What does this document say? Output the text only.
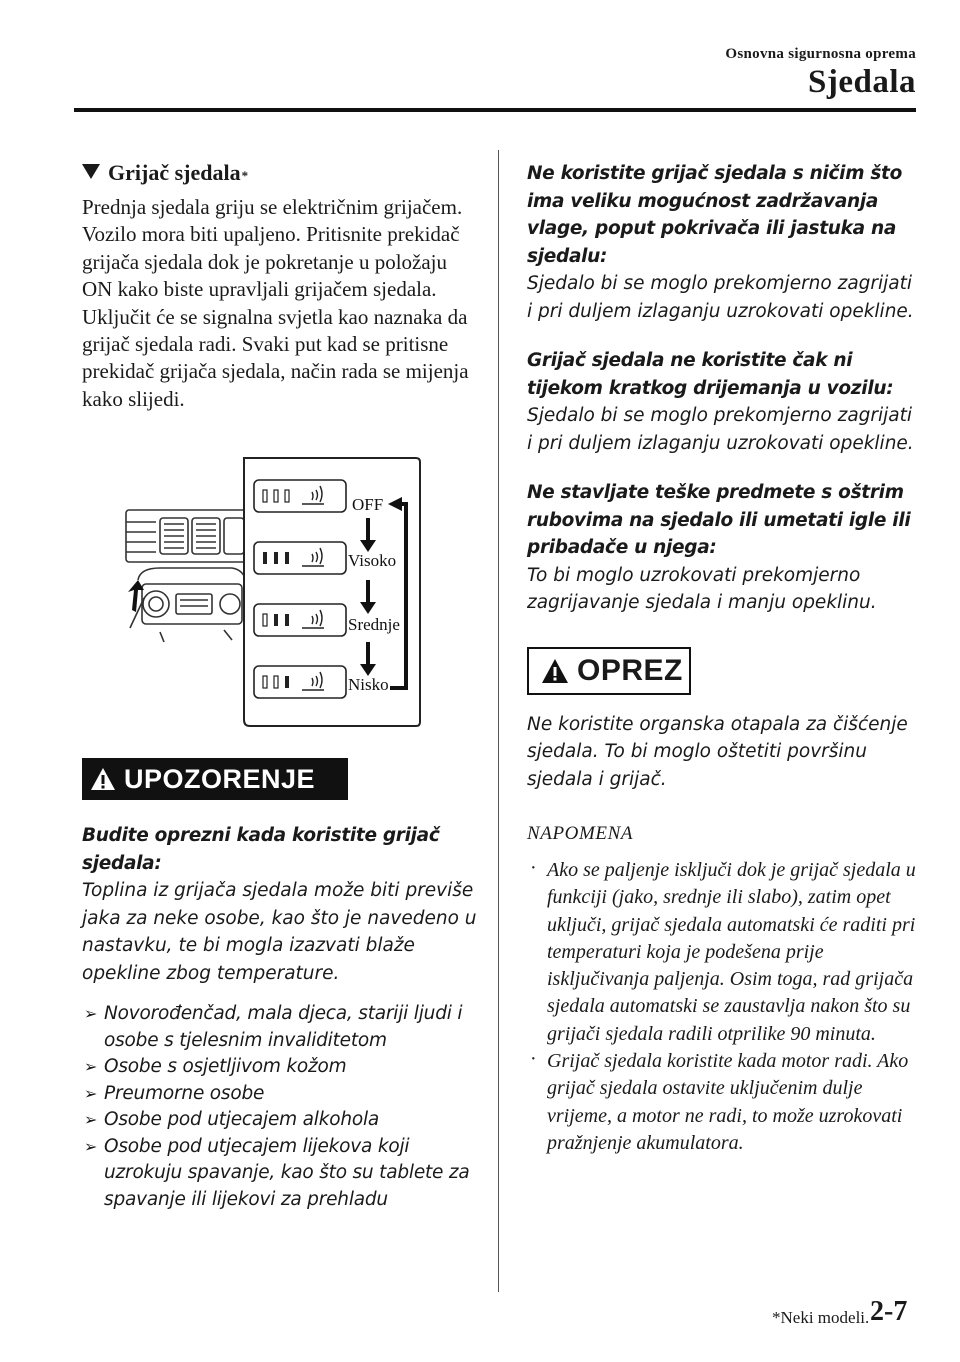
Osnovna sigurnosna oprema
Sjedala
Grijač sjedala *

Prednja sjedala griju se električnim grijačem. Vozilo mora biti upaljeno. Pritisnite prekidač grijača sjedala dok je pokretanje u položaju ON kako biste upravljali grijačem sjedala. Uključit će se signalna svjetla kao naznaka da grijač sjedala radi. Svaki put kad se pritisne prekidač grijača sjedala, način rada se mijenja kako slijedi.

OFF
Visoko
Srednje
Nisko
UPOZORENJE
Budite oprezni kada koristite grijač sjedala:
Toplina iz grijača sjedala može biti previše jaka za neke osobe, kao što je navedeno u nastavku, te bi mogla izazvati blaže opekline zbog temperature.
➢ Novorođenčad, mala djeca, stariji ljudi i osobe s tjelesnim invaliditetom
➢ Osobe s osjetljivom kožom
➢ Preumorne osobe
➢ Osobe pod utjecajem alkohola
➢ Osobe pod utjecajem lijekova koji uzrokuju spavanje, kao što su tablete za spavanje ili lijekovi za prehladu
Ne koristite grijač sjedala s ničim što ima veliku mogućnost zadržavanja vlage, poput pokrivača ili jastuka na sjedalu:
Sjedalo bi se moglo prekomjerno zagrijati i pri duljem izlaganju uzrokovati opekline.
Grijač sjedala ne koristite čak ni tijekom kratkog drijemanja u vozilu:
Sjedalo bi se moglo prekomjerno zagrijati i pri duljem izlaganju uzrokovati opekline.
Ne stavljate teške predmete s oštrim rubovima na sjedalo ili umetati igle ili pribadače u njega:
To bi moglo uzrokovati prekomjerno zagrijavanje sjedala i manju opeklinu.
OPREZ
Ne koristite organska otapala za čišćenje sjedala. To bi moglo oštetiti površinu sjedala i grijač.
NAPOMENA
· Ako se paljenje isključi dok je grijač sjedala u funkciji (jako, srednje ili slabo), zatim opet uključi, grijač sjedala automatski će raditi pri temperaturi koja je podešena prije isključivanja paljenja. Osim toga, rad grijača sjedala automatski se zaustavlja nakon što su grijači sjedala radili otprilike 90 minuta.
· Grijač sjedala koristite kada motor radi. Ako grijač sjedala ostavite uključenim dulje vrijeme, a motor ne radi, to može uzrokovati pražnjenje akumulatora.
*Neki modeli. 2-7
